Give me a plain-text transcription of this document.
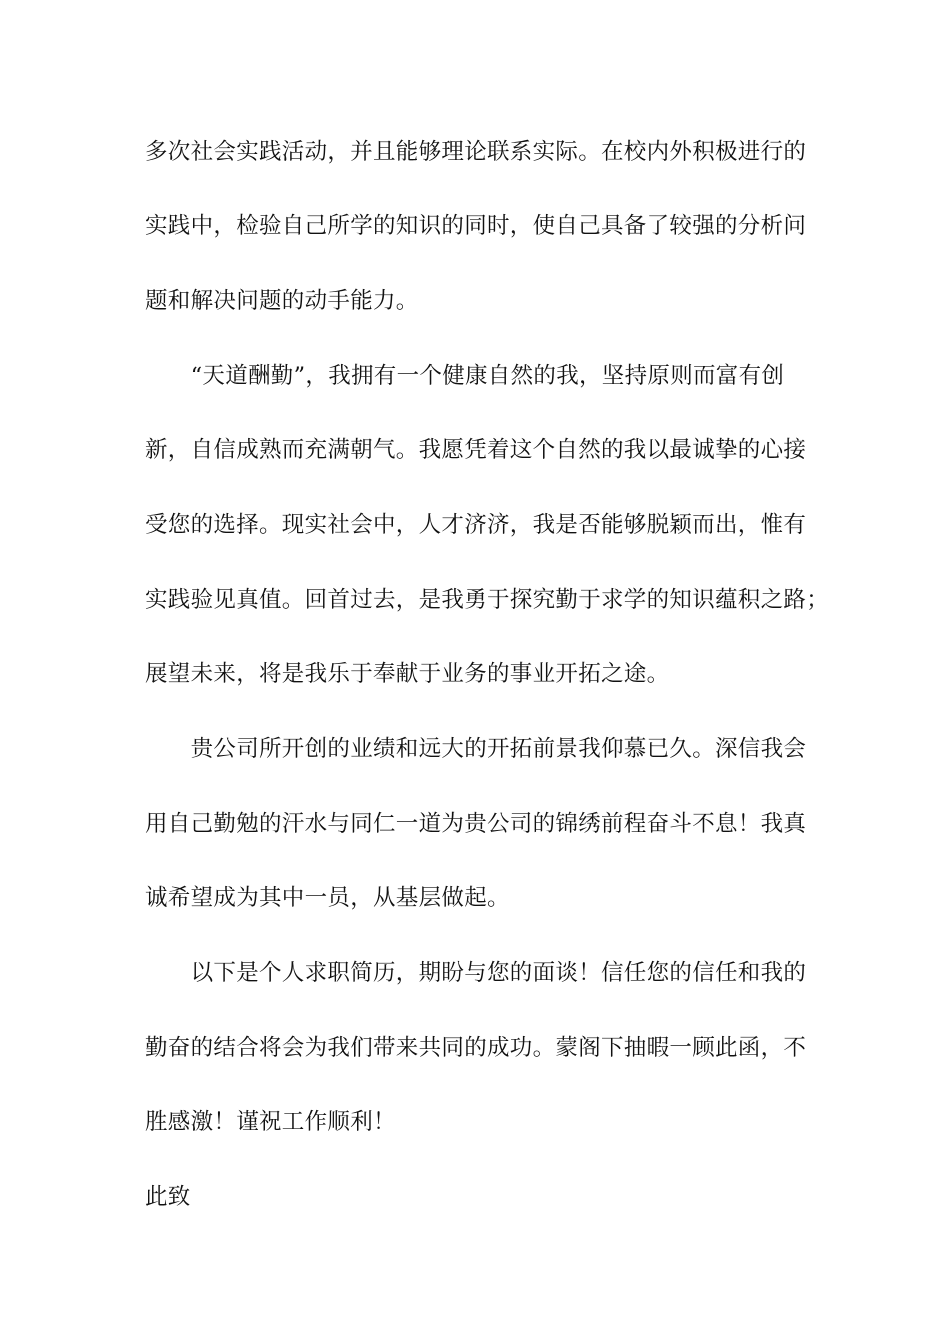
多次社会实践活动，并且能够理论联系实际。在校内外积极进行的
实践中，检验自己所学的知识的同时，使自己具备了较强的分析问
题和解决问题的动手能力。
　　“天道酬勤”，我拥有一个健康自然的我，坚持原则而富有创
新，自信成熟而充满朝气。我愿凭着这个自然的我以最诚挚的心接
受您的选择。现实社会中，人才济济，我是否能够脱颖而出，惟有
实践验见真值。回首过去，是我勇于探究勤于求学的知识蕴积之路；
展望未来，将是我乐于奉献于业务的事业开拓之途。
　　贵公司所开创的业绩和远大的开拓前景我仰慕已久。深信我会
用自己勤勉的汗水与同仁一道为贵公司的锦绣前程奋斗不息！我真
诚希望成为其中一员，从基层做起。
　　以下是个人求职简历，期盼与您的面谈！信任您的信任和我的
勤奋的结合将会为我们带来共同的成功。蒙阁下抽暇一顾此函，不
胜感激！谨祝工作顺利！
此致
